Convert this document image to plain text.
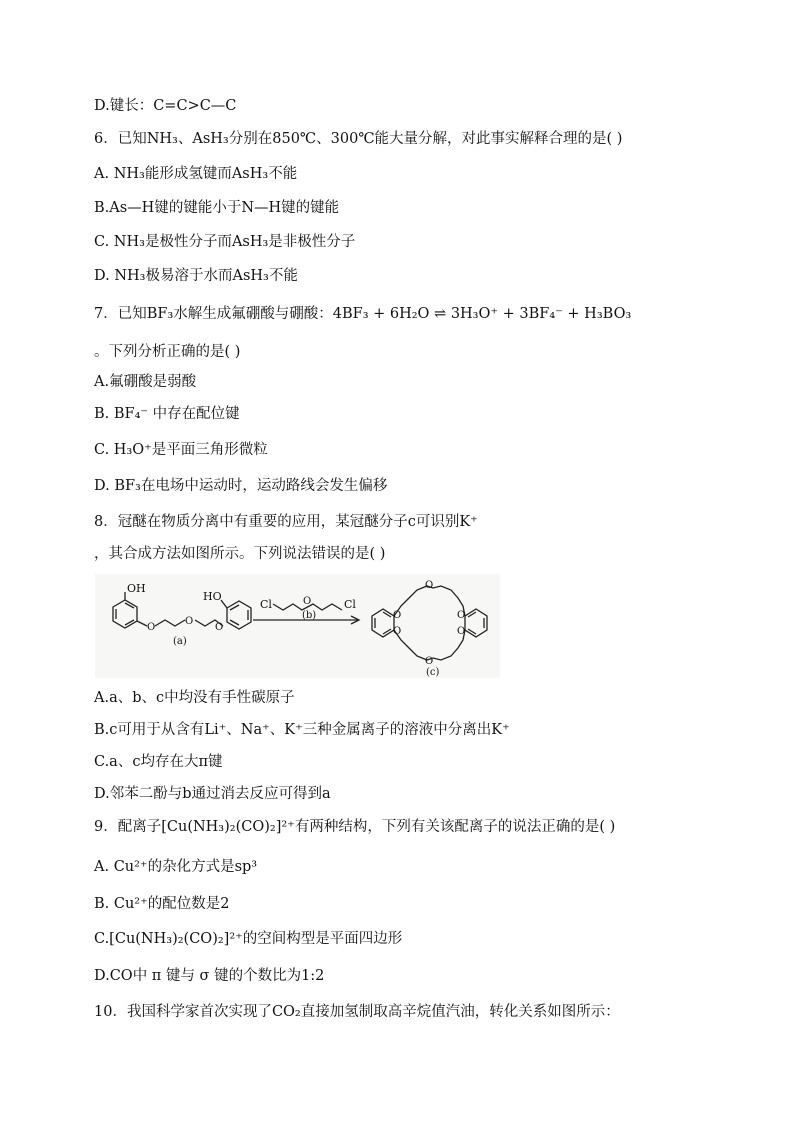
D.键长：C=C>C—C
6．已知NH₃、AsH₃分别在850℃、300℃能大量分解，对此事实解释合理的是( )
A. NH₃能形成氢键而AsH₃不能
B.As—H键的键能小于N—H键的键能
C. NH₃是极性分子而AsH₃是非极性分子
D. NH₃极易溶于水而AsH₃不能
7．已知BF₃水解生成氟硼酸与硼酸：4BF₃ + 6H₂O ⇌ 3H₃O⁺ + 3BF₄⁻ + H₃BO₃
。下列分析正确的是( )
A.氟硼酸是弱酸
B. BF₄⁻ 中存在配位键
C. H₃O⁺是平面三角形微粒
D. BF₃在电场中运动时，运动路线会发生偏移
8．冠醚在物质分离中有重要的应用，某冠醚分子c可识别K⁺
，其合成方法如图所示。下列说法错误的是( )
OH
O
O
O
HO
(a)
Cl	O	Cl
(b)	O
O
O
O
O
O
(c)
A.a、b、c中均没有手性碳原子
B.c可用于从含有Li⁺、Na⁺、K⁺三种金属离子的溶液中分离出K⁺
C.a、c均存在大π键
D.邻苯二酚与b通过消去反应可得到a
9．配离子[Cu(NH₃)₂(CO)₂]²⁺有两种结构，下列有关该配离子的说法正确的是( )
A. Cu²⁺的杂化方式是sp³
B. Cu²⁺的配位数是2
C.[Cu(NH₃)₂(CO)₂]²⁺的空间构型是平面四边形
D.CO中 π 键与 σ 键的个数比为1:2
10．我国科学家首次实现了CO₂直接加氢制取高辛烷值汽油，转化关系如图所示：
